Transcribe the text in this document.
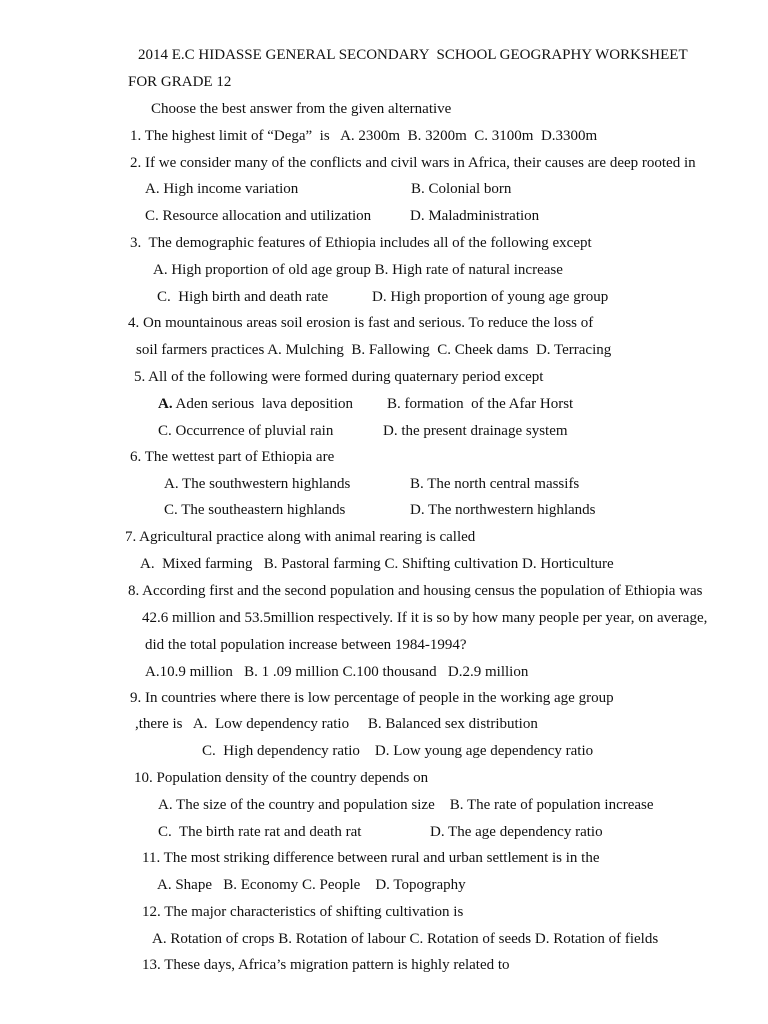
2014 E.C HIDASSE GENERAL SECONDARY  SCHOOL GEOGRAPHY WORKSHEET
FOR GRADE 12
Choose the best answer from the given alternative
1. The highest limit of “Dega”  is   A. 2300m  B. 3200m  C. 3100m  D.3300m
2. If we consider many of the conflicts and civil wars in Africa, their causes are deep rooted in
A. High income variation	B. Colonial born
C. Resource allocation and utilization	D. Maladministration
3.  The demographic features of Ethiopia includes all of the following except
A. High proportion of old age group B. High rate of natural increase
C.  High birth and death rate	D. High proportion of young age group
4. On mountainous areas soil erosion is fast and serious. To reduce the loss of
soil farmers practices A. Mulching  B. Fallowing  C. Cheek dams  D. Terracing
5. All of the following were formed during quaternary period except
A. Aden serious  lava deposition B. formation  of the Afar Horst
C. Occurrence of pluvial rain	D. the present drainage system
6. The wettest part of Ethiopia are
A. The southwestern highlands	B. The north central massifs
C. The southeastern highlands	D. The northwestern highlands
7. Agricultural practice along with animal rearing is called
A.  Mixed farming   B. Pastoral farming C. Shifting cultivation D. Horticulture
8. According first and the second population and housing census the population of Ethiopia was
42.6 million and 53.5million respectively. If it is so by how many people per year, on average,
did the total population increase between 1984-1994?
A.10.9 million   B. 1 .09 million C.100 thousand   D.2.9 million
9. In countries where there is low percentage of people in the working age group
,there is   A.  Low dependency ratio     B. Balanced sex distribution
C.  High dependency ratio    D. Low young age dependency ratio
10. Population density of the country depends on
A. The size of the country and population size    B. The rate of population increase
C.  The birth rate rat and death rat	D. The age dependency ratio
11. The most striking difference between rural and urban settlement is in the
A. Shape   B. Economy C. People    D. Topography
12. The major characteristics of shifting cultivation is
A. Rotation of crops B. Rotation of labour C. Rotation of seeds D. Rotation of fields
13. These days, Africa’s migration pattern is highly related to
